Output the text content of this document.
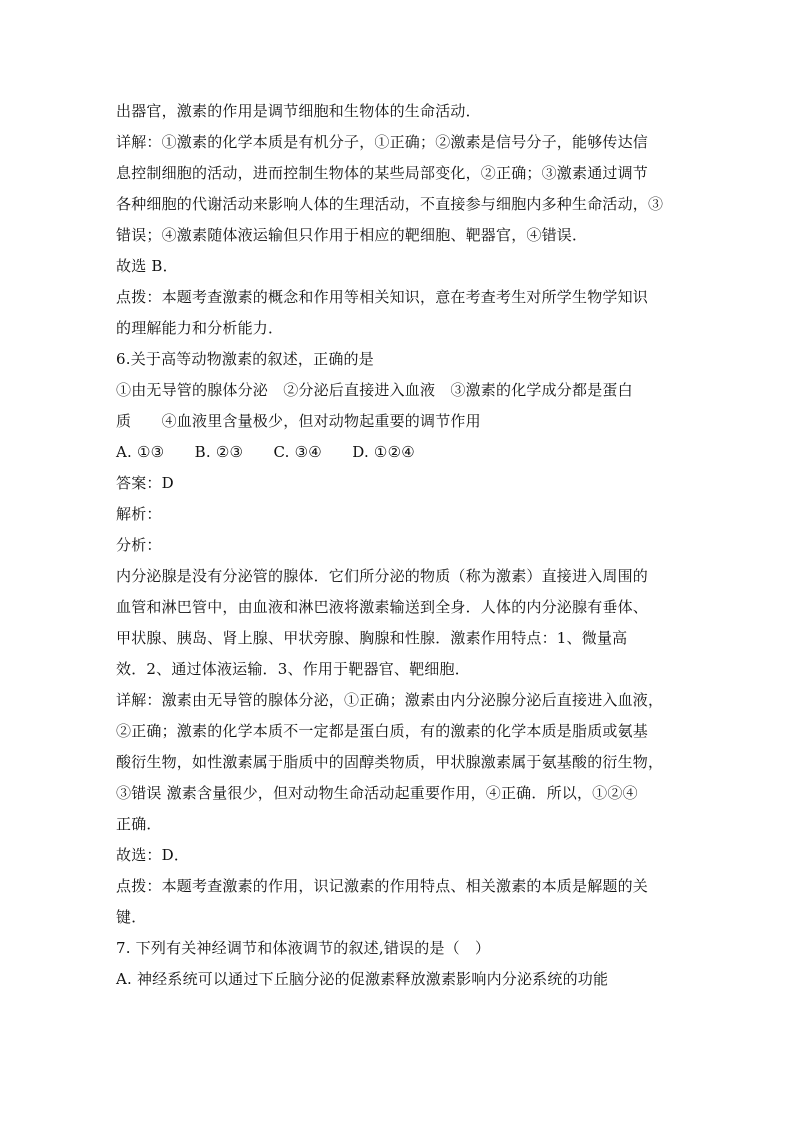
出器官，激素的作用是调节细胞和生物体的生命活动．
详解：①激素的化学本质是有机分子，①正确；②激素是信号分子，能够传达信
息控制细胞的活动，进而控制生物体的某些局部变化，②正确；③激素通过调节
各种细胞的代谢活动来影响人体的生理活动，不直接参与细胞内多种生命活动，③
错误；④激素随体液运输但只作用于相应的靶细胞、靶器官，④错误．
故选 B．
点拨：本题考查激素的概念和作用等相关知识，意在考查考生对所学生物学知识
的理解能力和分析能力．
6.关于高等动物激素的叙述，正确的是
①由无导管的腺体分泌　②分泌后直接进入血液　③激素的化学成分都是蛋白
质　　④血液里含量极少，但对动物起重要的调节作用
A. ①③　　B. ②③　　C. ③④　　D. ①②④
答案：D
解析：
分析：
内分泌腺是没有分泌管的腺体．它们所分泌的物质（称为激素）直接进入周围的
血管和淋巴管中，由血液和淋巴液将激素输送到全身．人体的内分泌腺有垂体、
甲状腺、胰岛、肾上腺、甲状旁腺、胸腺和性腺．激素作用特点：1、微量高
效．2、通过体液运输．3、作用于靶器官、靶细胞．
详解：激素由无导管的腺体分泌，①正确；激素由内分泌腺分泌后直接进入血液，
②正确；激素的化学本质不一定都是蛋白质，有的激素的化学本质是脂质或氨基
酸衍生物，如性激素属于脂质中的固醇类物质，甲状腺激素属于氨基酸的衍生物，
③错误 激素含量很少，但对动物生命活动起重要作用，④正确．所以，①②④
正确．
故选：D．
点拨：本题考查激素的作用，识记激素的作用特点、相关激素的本质是解题的关
键．
7. 下列有关神经调节和体液调节的叙述,错误的是（　）
A. 神经系统可以通过下丘脑分泌的促激素释放激素影响内分泌系统的功能
